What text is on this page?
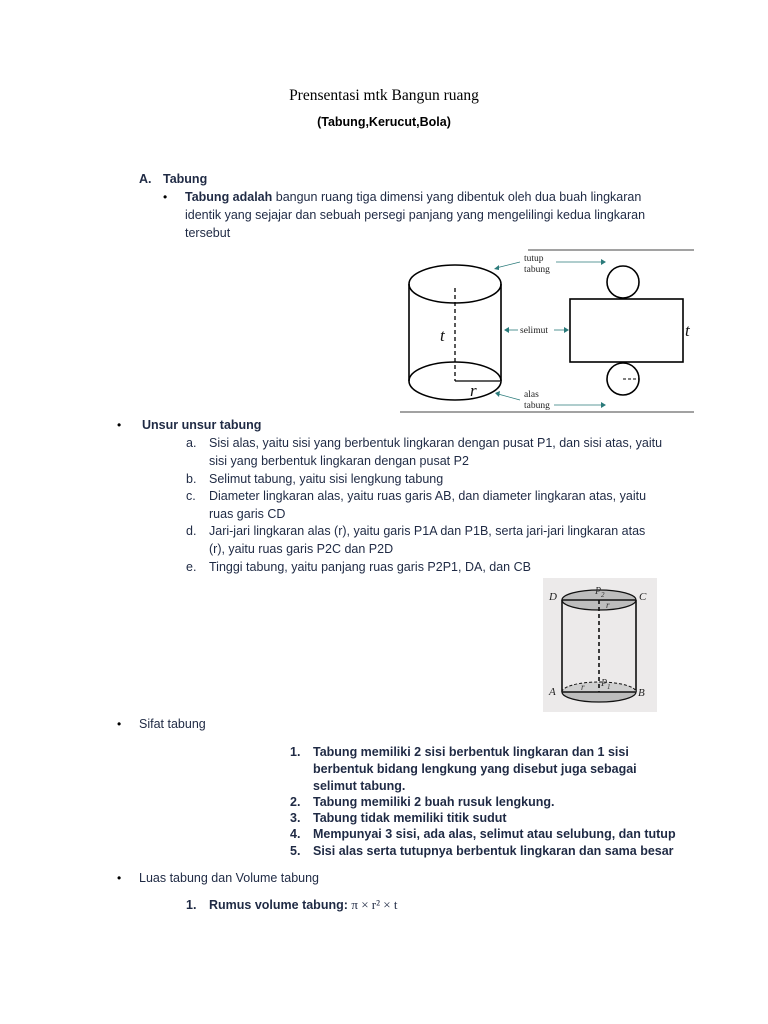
Prensentasi mtk Bangun ruang
(Tabung,Kerucut,Bola)
A. Tabung
• Tabung adalah bangun ruang tiga dimensi yang dibentuk oleh dua buah lingkaran
identik yang sejajar dan sebuah persegi panjang yang mengelilingi kedua lingkaran
tersebut
t
r
t
tutup
tabung
selimut
alas
tabung
• Unsur unsur tabung
a. Sisi alas, yaitu sisi yang berbentuk lingkaran dengan pusat P1, dan sisi atas, yaitu
sisi yang berbentuk lingkaran dengan pusat P2
b. Selimut tabung, yaitu sisi lengkung tabung
c. Diameter lingkaran alas, yaitu ruas garis AB, dan diameter lingkaran atas, yaitu
ruas garis CD
d. Jari-jari lingkaran alas (r), yaitu garis P1A dan P1B, serta jari-jari lingkaran atas
(r), yaitu ruas garis P2C dan P2D
e. Tinggi tabung, yaitu panjang ruas garis P2P1, DA, dan CB
D	C
A	B
P 2
r
P 1
r
• Sifat tabung
1. Tabung memiliki 2 sisi berbentuk lingkaran dan 1 sisi
berbentuk bidang lengkung yang disebut juga sebagai
selimut tabung.
2. Tabung memiliki 2 buah rusuk lengkung.
3. Tabung tidak memiliki titik sudut
4. Mempunyai 3 sisi, ada alas, selimut atau selubung, dan tutup
5. Sisi alas serta tutupnya berbentuk lingkaran dan sama besar
• Luas tabung dan Volume tabung
1. Rumus volume tabung: π × r² × t
